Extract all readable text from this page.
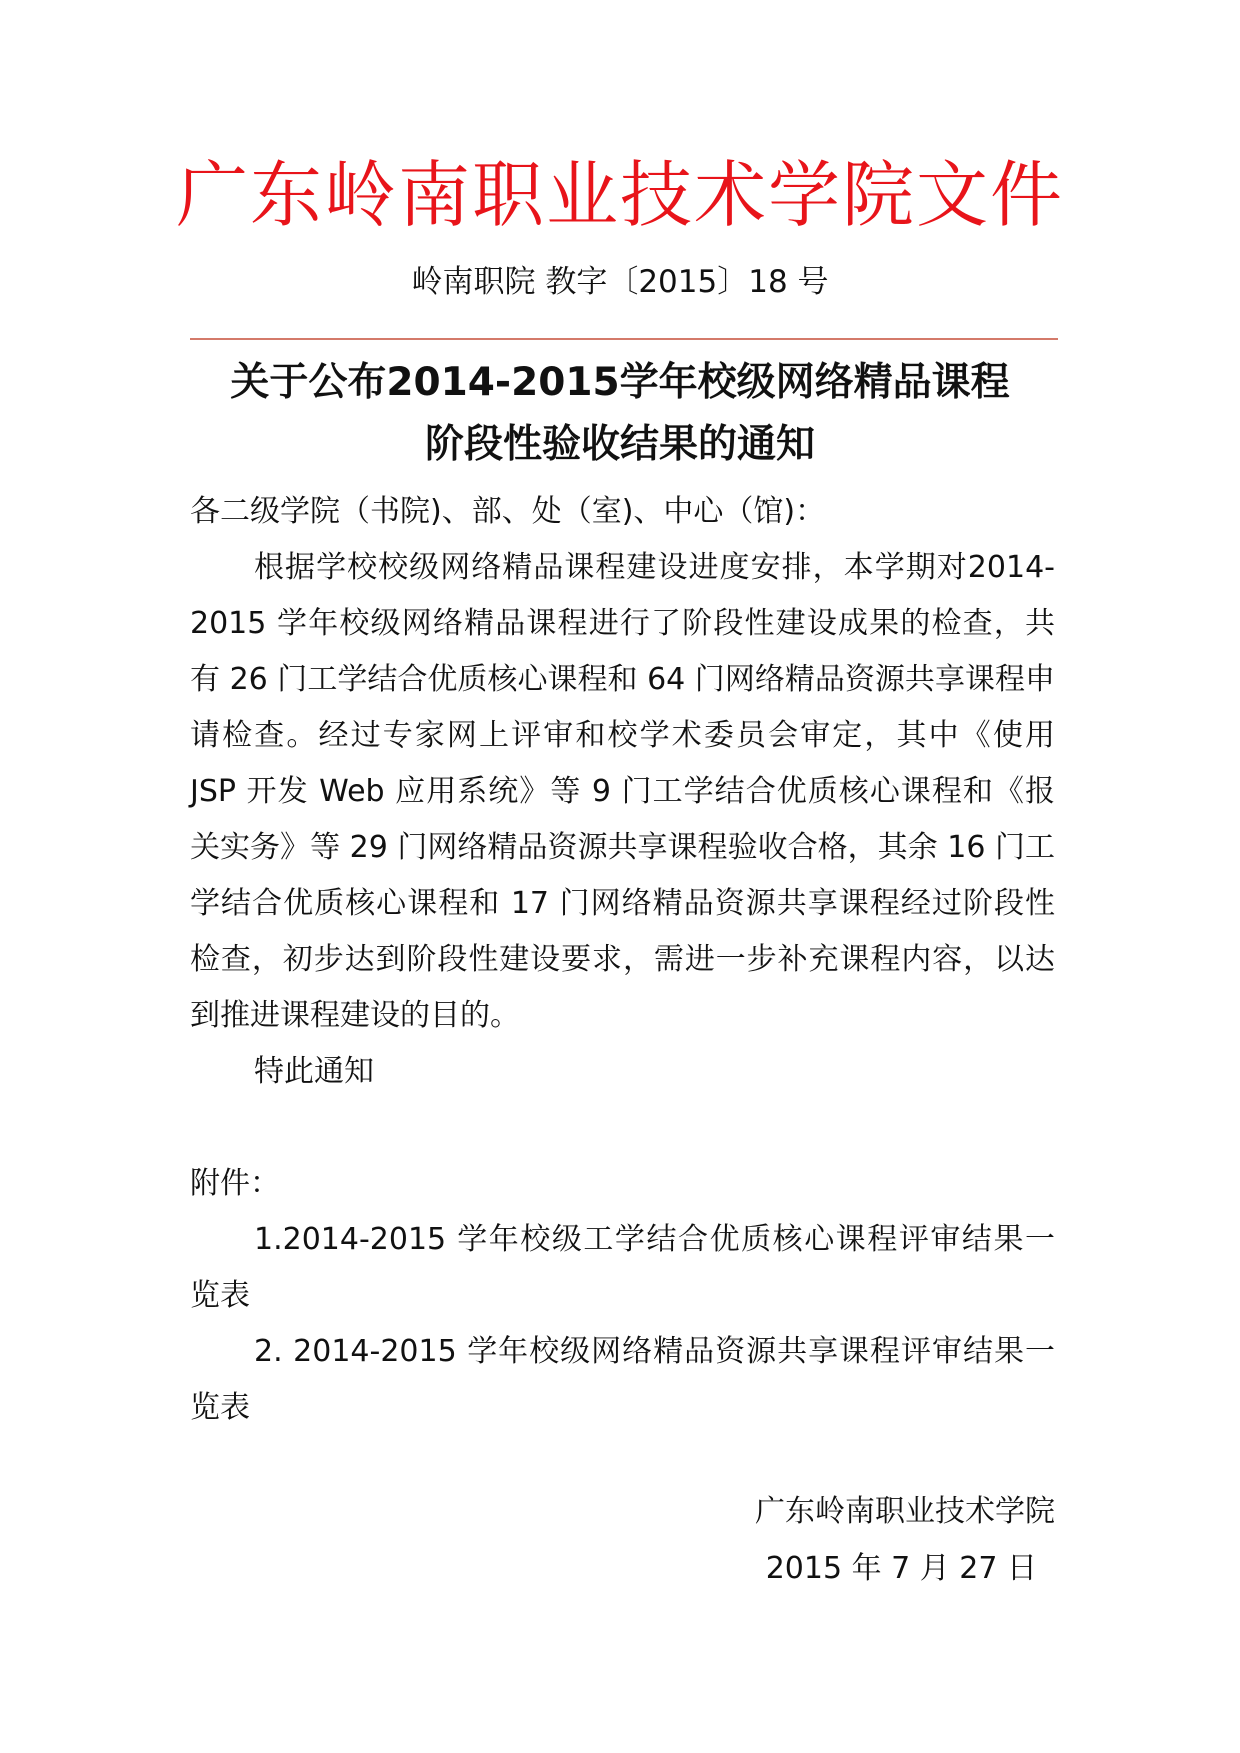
广东岭南职业技术学院文件
岭南职院 教字〔2015〕18 号
关于公布2014-2015学年校级网络精品课程
阶段性验收结果的通知
各二级学院（书院)、部、处（室)、中心（馆)：
根据学校校级网络精品课程建设进度安排，本学期对2014-2015 学年校级网络精品课程进行了阶段性建设成果的检查，共有 26 门工学结合优质核心课程和 64 门网络精品资源共享课程申请检查。经过专家网上评审和校学术委员会审定，其中《使用 JSP 开发 Web 应用系统》等 9 门工学结合优质核心课程和《报关实务》等 29 门网络精品资源共享课程验收合格，其余 16 门工学结合优质核心课程和 17 门网络精品资源共享课程经过阶段性检查，初步达到阶段性建设要求，需进一步补充课程内容，以达到推进课程建设的目的。
特此通知
附件：
1.2014-2015 学年校级工学结合优质核心课程评审结果一览表
2. 2014-2015 学年校级网络精品资源共享课程评审结果一览表
广东岭南职业技术学院
2015 年 7 月 27 日
